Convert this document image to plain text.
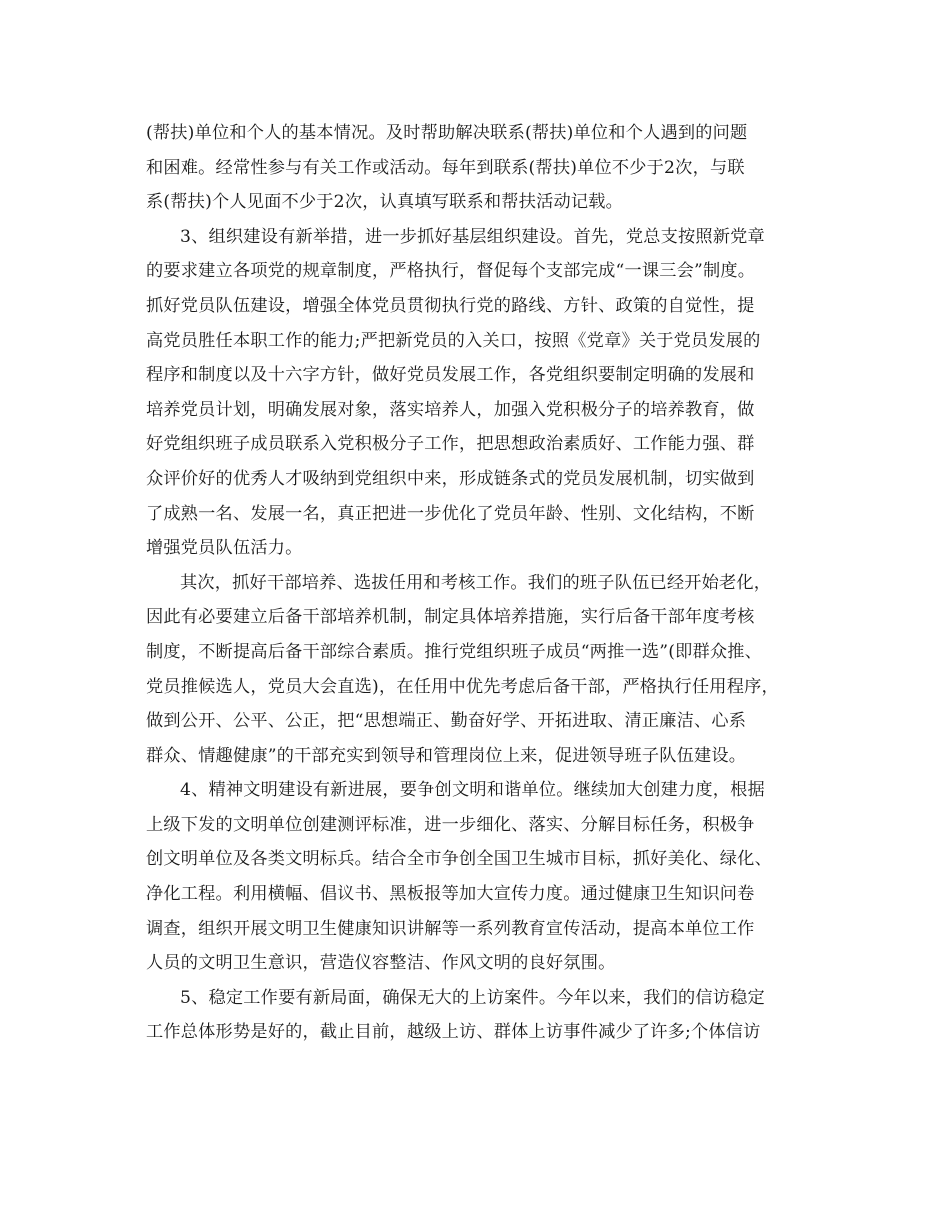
(帮扶)单位和个人的基本情况。及时帮助解决联系(帮扶)单位和个人遇到的问题
和困难。经常性参与有关工作或活动。每年到联系(帮扶)单位不少于2次，与联
系(帮扶)个人见面不少于2次，认真填写联系和帮扶活动记载。
3、组织建设有新举措，进一步抓好基层组织建设。首先，党总支按照新党章
的要求建立各项党的规章制度，严格执行，督促每个支部完成“一课三会”制度。
抓好党员队伍建设，增强全体党员贯彻执行党的路线、方针、政策的自觉性，提
高党员胜任本职工作的能力;严把新党员的入关口，按照《党章》关于党员发展的
程序和制度以及十六字方针，做好党员发展工作，各党组织要制定明确的发展和
培养党员计划，明确发展对象，落实培养人，加强入党积极分子的培养教育，做
好党组织班子成员联系入党积极分子工作，把思想政治素质好、工作能力强、群
众评价好的优秀人才吸纳到党组织中来，形成链条式的党员发展机制，切实做到
了成熟一名、发展一名，真正把进一步优化了党员年龄、性别、文化结构，不断
增强党员队伍活力。
其次，抓好干部培养、选拔任用和考核工作。我们的班子队伍已经开始老化，
因此有必要建立后备干部培养机制，制定具体培养措施，实行后备干部年度考核
制度，不断提高后备干部综合素质。推行党组织班子成员“两推一选”(即群众推、
党员推候选人，党员大会直选)，在任用中优先考虑后备干部，严格执行任用程序，
做到公开、公平、公正，把“思想端正、勤奋好学、开拓进取、清正廉洁、心系
群众、情趣健康”的干部充实到领导和管理岗位上来，促进领导班子队伍建设。
4、精神文明建设有新进展，要争创文明和谐单位。继续加大创建力度，根据
上级下发的文明单位创建测评标准，进一步细化、落实、分解目标任务，积极争
创文明单位及各类文明标兵。结合全市争创全国卫生城市目标，抓好美化、绿化、
净化工程。利用横幅、倡议书、黑板报等加大宣传力度。通过健康卫生知识问卷
调查，组织开展文明卫生健康知识讲解等一系列教育宣传活动，提高本单位工作
人员的文明卫生意识，营造仪容整洁、作风文明的良好氛围。
5、稳定工作要有新局面，确保无大的上访案件。今年以来，我们的信访稳定
工作总体形势是好的，截止目前，越级上访、群体上访事件减少了许多;个体信访
